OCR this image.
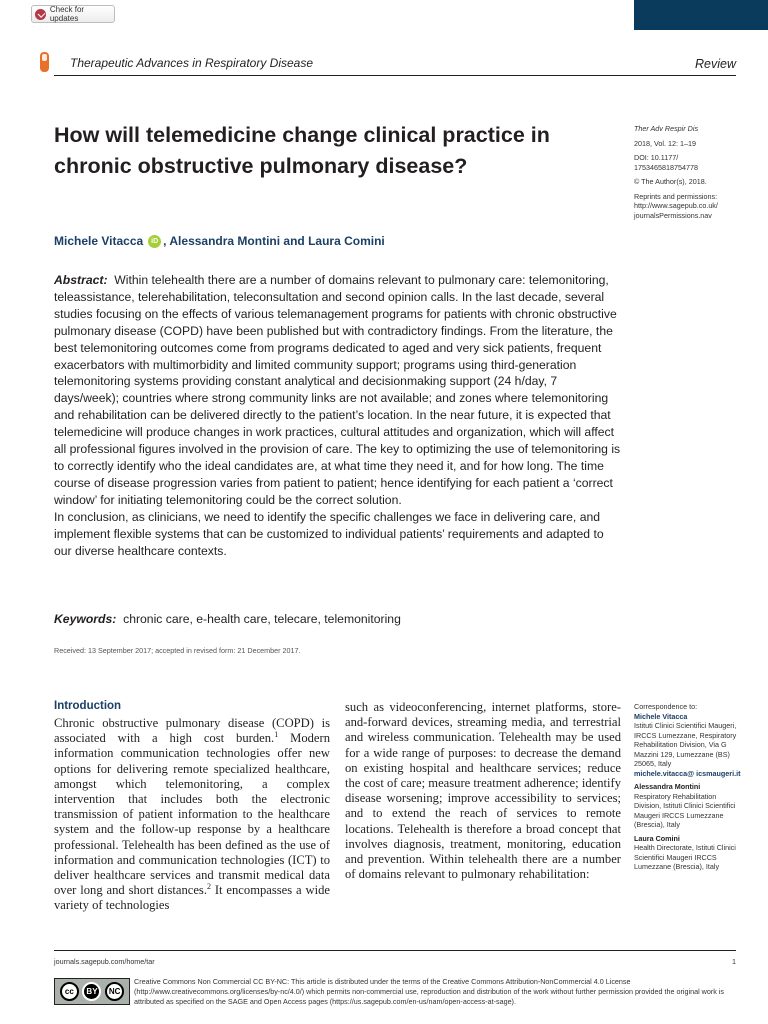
Check for updates
Therapeutic Advances in Respiratory Disease	Review
How will telemedicine change clinical practice in chronic obstructive pulmonary disease?
Michele Vitacca	iD , Alessandra Montini and Laura Comini
Ther Adv Respir Dis
2018, Vol. 12: 1–19
DOI: 10.1177/ 1753465818754778
© The Author(s), 2018.
Reprints and permissions: http://www.sagepub.co.uk/ journalsPermissions.nav

Abstract: Within telehealth there are a number of domains relevant to pulmonary care: telemonitoring, teleassistance, telerehabilitation, teleconsultation and second opinion calls. In the last decade, several studies focusing on the effects of various telemanagement programs for patients with chronic obstructive pulmonary disease (COPD) have been published but with contradictory findings. From the literature, the best telemonitoring outcomes come from programs dedicated to aged and very sick patients, frequent exacerbators with multimorbidity and limited community support; programs using third-generation telemonitoring systems providing constant analytical and decisionmaking support (24 h/day, 7 days/week); countries where strong community links are not available; and zones where telemonitoring and rehabilitation can be delivered directly to the patient’s location. In the near future, it is expected that telemedicine will produce changes in work practices, cultural attitudes and organization, which will affect all professional figures involved in the provision of care. The key to optimizing the use of telemonitoring is to correctly identify who the ideal candidates are, at what time they need it, and for how long. The time course of disease progression varies from patient to patient; hence identifying for each patient a ‘correct window’ for initiating telemonitoring could be the correct solution.

In conclusion, as clinicians, we need to identify the specific challenges we face in delivering care, and implement flexible systems that can be customized to individual patients’ requirements and adapted to our diverse healthcare contexts.

Keywords: chronic care, e-health care, telecare, telemonitoring
Received: 13 September 2017; accepted in revised form: 21 December 2017.
Introduction
Chronic obstructive pulmonary disease (COPD) is associated with a high cost burden.$^1$ Modern information communication technologies offer new options for delivering remote specialized healthcare, amongst which telemonitoring, a complex intervention that includes both the electronic transmission of patient information to the healthcare system and the follow-up response by a healthcare professional. Telehealth has been defined as the use of information and communication technologies (ICT) to deliver healthcare services and transmit medical data over long and short distances.$^2$ It encompasses a wide variety of technologies
such as videoconferencing, internet platforms, store-and-forward devices, streaming media, and terrestrial and wireless communication. Telehealth may be used for a wide range of purposes: to decrease the demand on existing hospital and healthcare services; reduce the cost of care; measure treatment adherence; identify disease worsening; improve accessibility to services; and to extend the reach of services to remote locations. Telehealth is therefore a broad concept that involves diagnosis, treatment, monitoring, education and prevention. Within telehealth there are a number of domains relevant to pulmonary rehabilitation:
Correspondence to:
Michele Vitacca
Istituti Clinici Scientifici Maugeri, IRCCS Lumezzane, Respiratory Rehabilitation Division, Via G Mazzini 129, Lumezzane (BS) 25065, Italy
michele.vitacca@ icsmaugeri.it
Alessandra Montini
Respiratory Rehabilitation Division, Istituti Clinici Scientifici Maugeri IRCCS Lumezzane (Brescia), Italy
Laura Comini
Health Directorate, Istituti Clinici Scientifici Maugeri IRCCS Lumezzane (Brescia), Italy
journals.sagepub.com/home/tar	1
cc	BY	NC
Creative Commons Non Commercial CC BY-NC: This article is distributed under the terms of the Creative Commons Attribution-NonCommercial 4.0 License (http://www.creativecommons.org/licenses/by-nc/4.0/) which permits non-commercial use, reproduction and distribution of the work without further permission provided the original work is attributed as specified on the SAGE and Open Access pages (https://us.sagepub.com/en-us/nam/open-access-at-sage).
